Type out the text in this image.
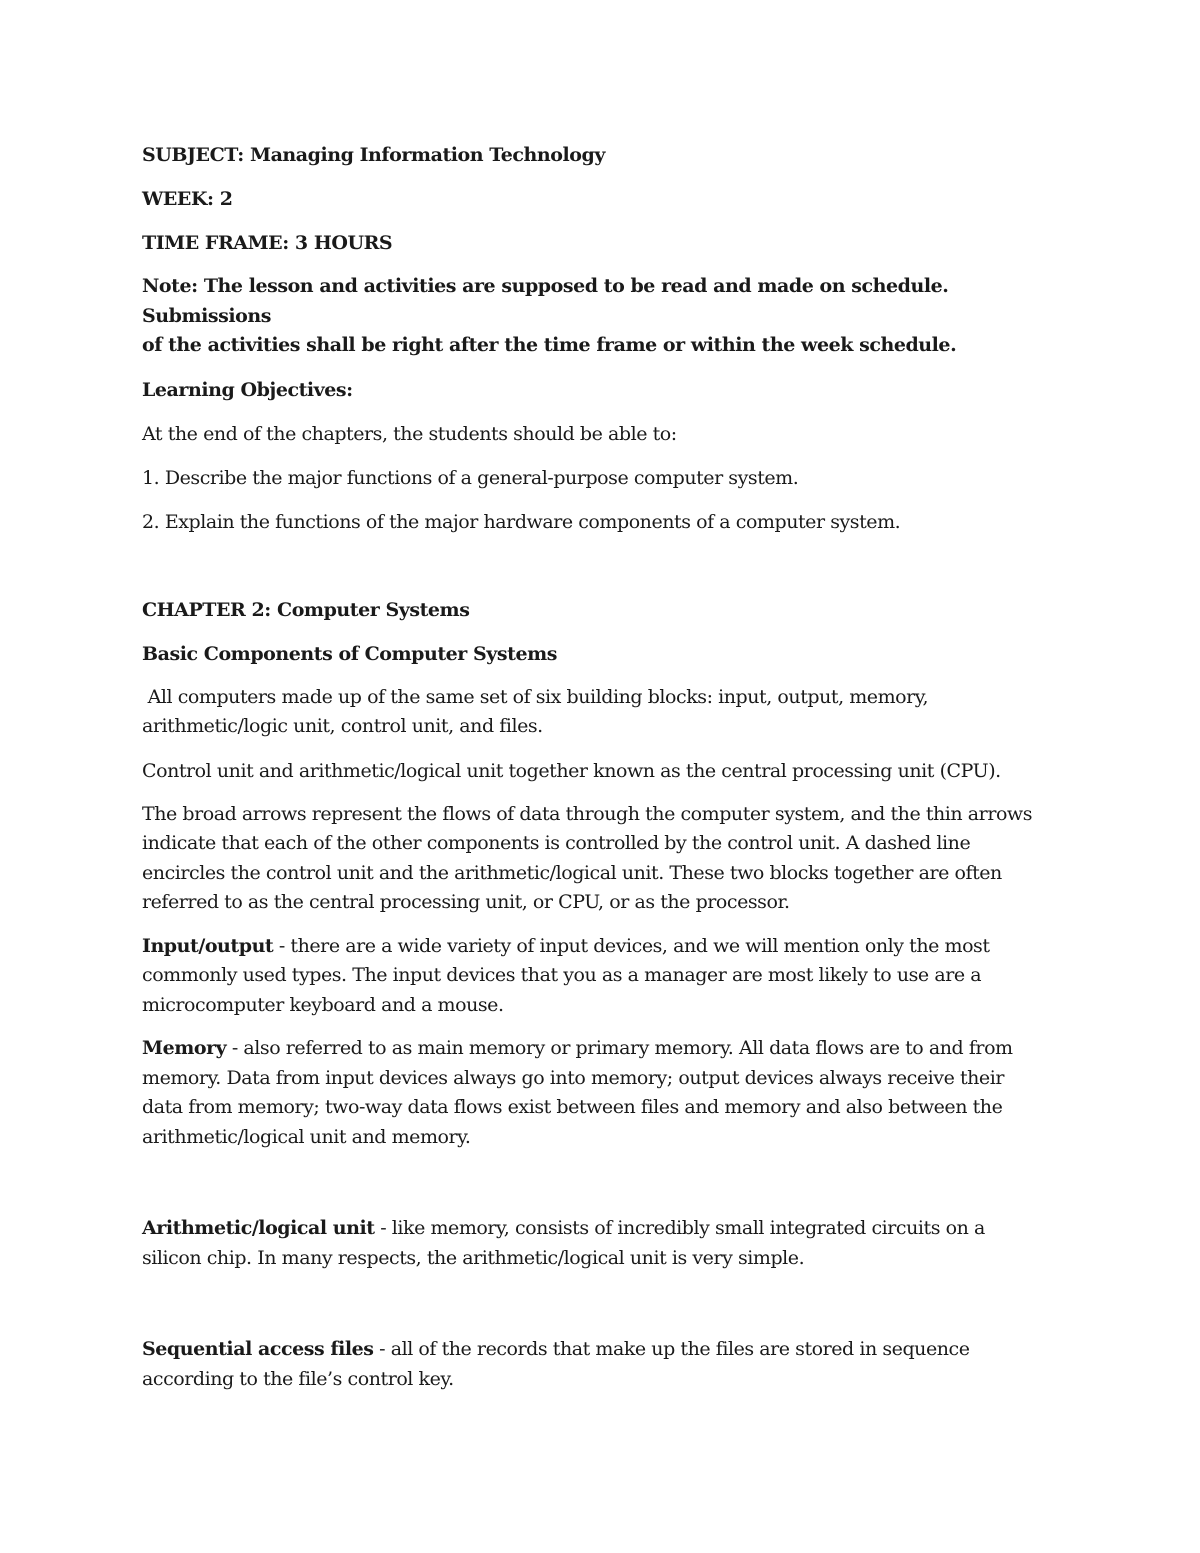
SUBJECT: Managing Information Technology

WEEK: 2

TIME FRAME: 3 HOURS

Note: The lesson and activities are supposed to be read and made on schedule. Submissions

of the activities shall be right after the time frame or within the week schedule.

Learning Objectives:

At the end of the chapters, the students should be able to:

1. Describe the major functions of a general-purpose computer system.

2. Explain the functions of the major hardware components of a computer system.

CHAPTER 2: Computer Systems

Basic Components of Computer Systems

All computers made up of the same set of six building blocks: input, output, memory,

arithmetic/logic unit, control unit, and files.

Control unit and arithmetic/logical unit together known as the central processing unit (CPU).

The broad arrows represent the flows of data through the computer system, and the thin arrows

indicate that each of the other components is controlled by the control unit. A dashed line

encircles the control unit and the arithmetic/logical unit. These two blocks together are often

referred to as the central processing unit, or CPU, or as the processor.

Input/output - there are a wide variety of input devices, and we will mention only the most

commonly used types. The input devices that you as a manager are most likely to use are a

microcomputer keyboard and a mouse.

Memory - also referred to as main memory or primary memory. All data flows are to and from

memory. Data from input devices always go into memory; output devices always receive their

data from memory; two-way data flows exist between files and memory and also between the

arithmetic/logical unit and memory.

Arithmetic/logical unit - like memory, consists of incredibly small integrated circuits on a

silicon chip. In many respects, the arithmetic/logical unit is very simple.

Sequential access files - all of the records that make up the files are stored in sequence

according to the file’s control key.
